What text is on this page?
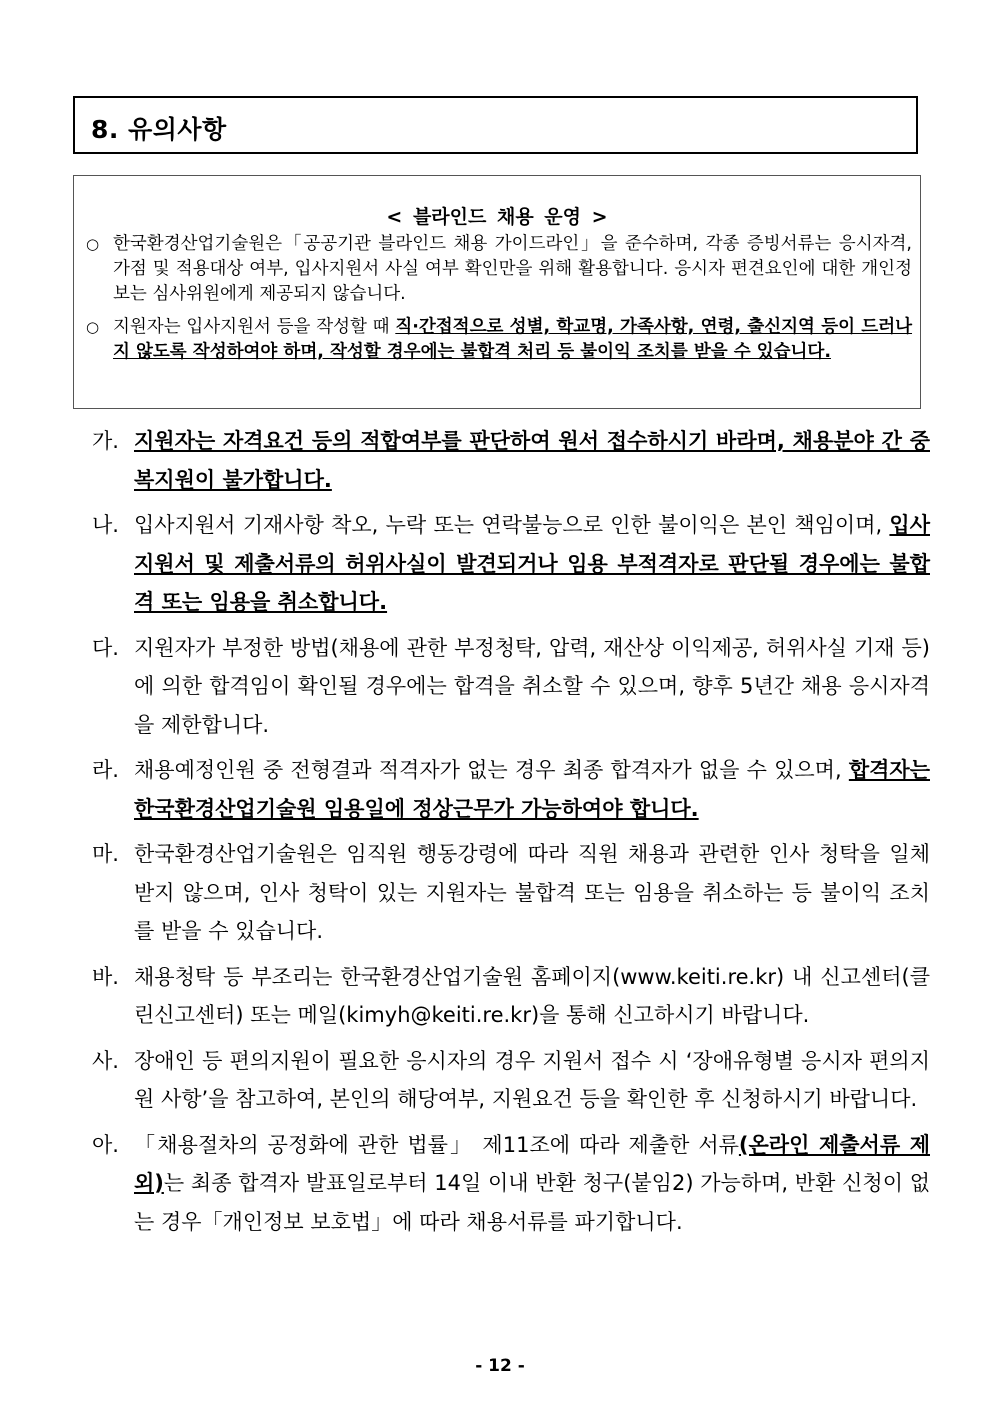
8. 유의사항
< 블라인드 채용 운영 >
○ 한국환경산업기술원은「공공기관 블라인드 채용 가이드라인」을 준수하며, 각종 증빙서류는 응시자격, 가점 및 적용대상 여부, 입사지원서 사실 여부 확인만을 위해 활용합니다. 응시자 편견요인에 대한 개인정보는 심사위원에게 제공되지 않습니다.
○ 지원자는 입사지원서 등을 작성할 때 직·간접적으로 성별, 학교명, 가족사항, 연령, 출신지역 등이 드러나지 않도록 작성하여야 하며, 작성할 경우에는 불합격 처리 등 불이익 조치를 받을 수 있습니다.
가. 지원자는 자격요건 등의 적합여부를 판단하여 원서 접수하시기 바라며, 채용분야 간 중복지원이 불가합니다.
나. 입사지원서 기재사항 착오, 누락 또는 연락불능으로 인한 불이익은 본인 책임이며, 입사지원서 및 제출서류의 허위사실이 발견되거나 임용 부적격자로 판단될 경우에는 불합격 또는 임용을 취소합니다.
다. 지원자가 부정한 방법(채용에 관한 부정청탁, 압력, 재산상 이익제공, 허위사실 기재 등)에 의한 합격임이 확인될 경우에는 합격을 취소할 수 있으며, 향후 5년간 채용 응시자격을 제한합니다.
라. 채용예정인원 중 전형결과 적격자가 없는 경우 최종 합격자가 없을 수 있으며, 합격자는 한국환경산업기술원 임용일에 정상근무가 가능하여야 합니다.
마. 한국환경산업기술원은 임직원 행동강령에 따라 직원 채용과 관련한 인사 청탁을 일체 받지 않으며, 인사 청탁이 있는 지원자는 불합격 또는 임용을 취소하는 등 불이익 조치를 받을 수 있습니다.
바. 채용청탁 등 부조리는 한국환경산업기술원 홈페이지(www.keiti.re.kr) 내 신고센터(클린신고센터) 또는 메일(kimyh@keiti.re.kr)을 통해 신고하시기 바랍니다.
사. 장애인 등 편의지원이 필요한 응시자의 경우 지원서 접수 시 ‘장애유형별 응시자 편의지원 사항’을 참고하여, 본인의 해당여부, 지원요건 등을 확인한 후 신청하시기 바랍니다.
아. 「채용절차의 공정화에 관한 법률」 제11조에 따라 제출한 서류(온라인 제출서류 제외)는 최종 합격자 발표일로부터 14일 이내 반환 청구(붙임2) 가능하며, 반환 신청이 없는 경우「개인정보 보호법」에 따라 채용서류를 파기합니다.
- 12 -
